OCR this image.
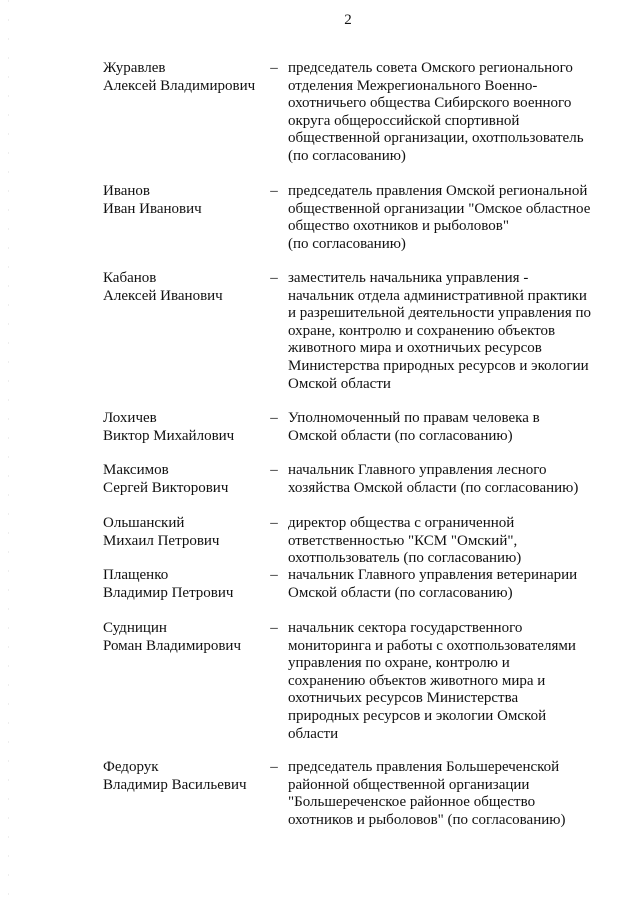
2
Журавлев
Алексей Владимирович
– председатель совета Омского регионального
отделения Межрегионального Военно-
охотничьего общества Сибирского военного
округа общероссийской спортивной
общественной организации, охотпользователь
(по согласованию)
Иванов
Иван Иванович
– председатель правления Омской региональной
общественной организации "Омское областное
общество охотников и рыболовов"
(по согласованию)
Кабанов
Алексей Иванович
– заместитель начальника управления -
начальник отдела административной практики
и разрешительной деятельности управления по
охране, контролю и сохранению объектов
животного мира и охотничьих ресурсов
Министерства природных ресурсов и экологии
Омской области
Лохичев
Виктор Михайлович
– Уполномоченный по правам человека в
Омской области (по согласованию)
Максимов
Сергей Викторович
– начальник Главного управления лесного
хозяйства Омской области (по согласованию)
Ольшанский
Михаил Петрович
– директор общества с ограниченной
ответственностью "КСМ "Омский",
охотпользователь (по согласованию)
Плащенко
Владимир Петрович
– начальник Главного управления ветеринарии
Омской области (по согласованию)
Судницин
Роман Владимирович
– начальник сектора государственного
мониторинга и работы с охотпользователями
управления по охране, контролю и
сохранению объектов животного мира и
охотничьих ресурсов Министерства
природных ресурсов и экологии Омской
области
Федорук
Владимир Васильевич
– председатель правления Большереченской
районной общественной организации
"Большереченское районное общество
охотников и рыболовов" (по согласованию)
